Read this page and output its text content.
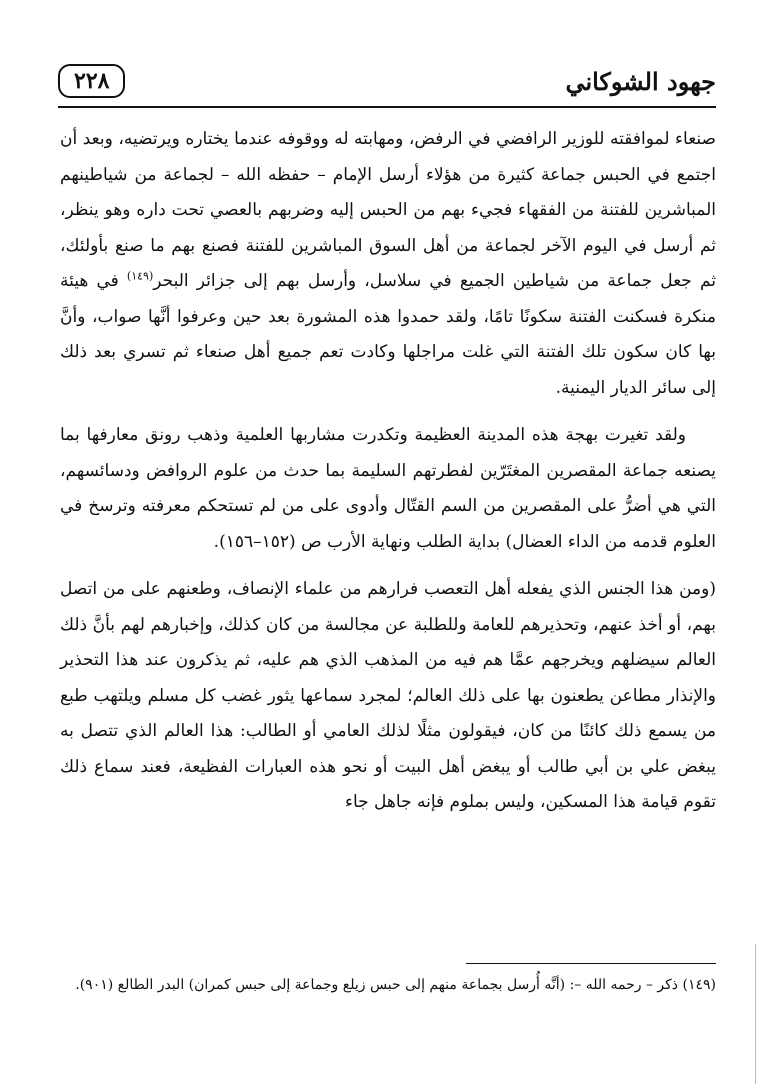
جهود الشوكاني
٢٢٨

صنعاء لموافقته للوزير الرافضي في الرفض، ومهابته له ووقوفه عندما يختاره ويرتضيه، وبعد أن اجتمع في الحبس جماعة كثيرة من هؤلاء أرسل الإمام – حفظه الله – لجماعة من شياطينهم المباشرين للفتنة من الفقهاء فجيء بهم من الحبس إليه وضربهم بالعصي تحت داره وهو ينظر، ثم أرسل في اليوم الآخر لجماعة من أهل السوق المباشرين للفتنة فصنع بهم ما صنع بأولئك، ثم جعل جماعة من شياطين الجميع في سلاسل، وأرسل بهم إلى جزائر البحر$^{(١٤٩)}$ في هيئة منكرة فسكنت الفتنة سكونًا تامًا، ولقد حمدوا هذه المشورة بعد حين وعرفوا أنَّها صواب، وأنَّ بها كان سكون تلك الفتنة التي غلت مراجلها وكادت تعم جميع أهل صنعاء ثم تسري بعد ذلك إلى سائر الديار اليمنية.

ولقد تغيرت بهجة هذه المدينة العظيمة وتكدرت مشاربها العلمية وذهب رونق معارفها بما يصنعه جماعة المقصرين المغتَرّين لفطرتهم السليمة بما حدث من علوم الروافض ودسائسهم، التي هي أضرُّ على المقصرين من السم القتّال وأدوى على من لم تستحكم معرفته وترسخ في العلوم قدمه من الداء العضال) بداية الطلب ونهاية الأرب ص (١٥٢–١٥٦).

(ومن هذا الجنس الذي يفعله أهل التعصب فرارهم من علماء الإنصاف، وطعنهم على من اتصل بهم، أو أخذ عنهم، وتحذيرهم للعامة وللطلبة عن مجالسة من كان كذلك، وإخبارهم لهم بأنَّ ذلك العالم سيضلهم ويخرجهم عمَّا هم فيه من المذهب الذي هم عليه، ثم يذكرون عند هذا التحذير والإنذار مطاعن يطعنون بها على ذلك العالم؛ لمجرد سماعها يثور غضب كل مسلم ويلتهب طبع من يسمع ذلك كائنًا من كان، فيقولون مثلًا لذلك العامي أو الطالب: هذا العالم الذي تتصل به يبغض علي بن أبي طالب أو يبغض أهل البيت أو نحو هذه العبارات الفظيعة، فعند سماع ذلك تقوم قيامة هذا المسكين، وليس بملوم فإنه جاهل جاء

(١٤٩) ذكر – رحمه الله –: (أنَّه أُرسل بجماعة منهم إلى حبس زيلع وجماعة إلى حبس كمران) البدر الطالع (٩٠١).
